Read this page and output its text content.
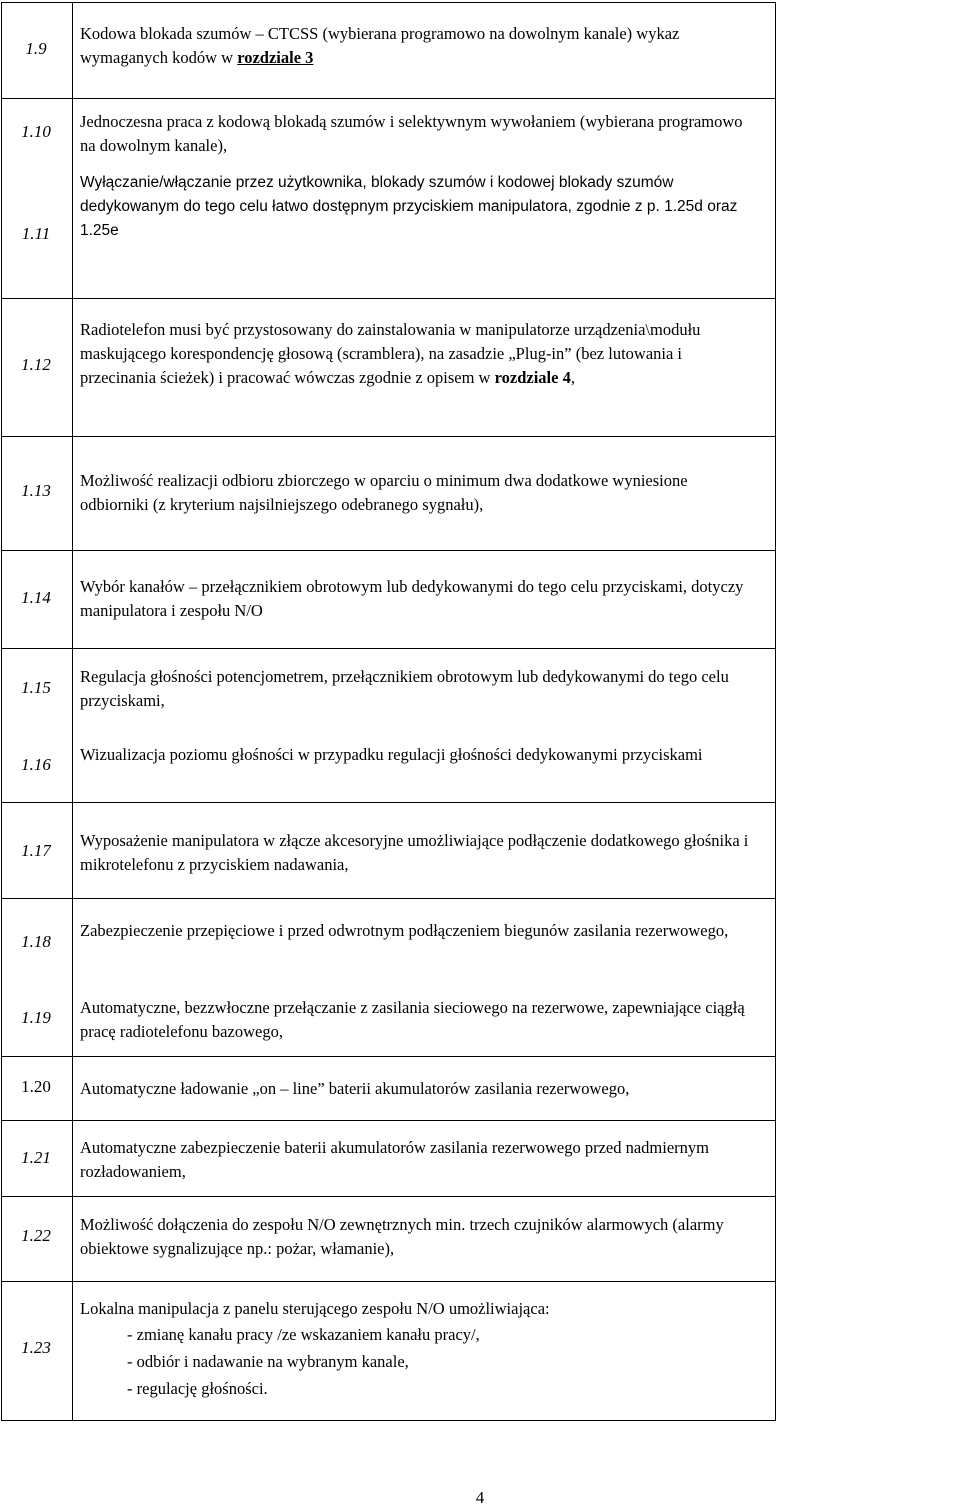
1.9
Kodowa blokada szumów – CTCSS (wybierana programowo na dowolnym kanale) wykaz wymaganych kodów w rozdziale 3
1.10
Jednoczesna praca z kodową blokadą szumów i selektywnym wywołaniem (wybierana programowo na dowolnym kanale),
1.11
Wyłączanie/włączanie przez użytkownika, blokady szumów i kodowej blokady szumów dedykowanym do tego celu łatwo dostępnym przyciskiem manipulatora, zgodnie z p. 1.25d oraz 1.25e
1.12
Radiotelefon musi być przystosowany do zainstalowania w manipulatorze urządzenia\modułu maskującego korespondencję głosową (scramblera), na zasadzie „Plug-in” (bez lutowania i przecinania ścieżek) i pracować wówczas zgodnie z opisem w rozdziale 4,
1.13
Możliwość realizacji odbioru zbiorczego w oparciu o minimum dwa dodatkowe wyniesione odbiorniki (z kryterium najsilniejszego odebranego sygnału),
1.14
Wybór kanałów – przełącznikiem obrotowym lub dedykowanymi do tego celu przyciskami, dotyczy manipulatora i zespołu N/O
1.15
Regulacja głośności potencjometrem, przełącznikiem obrotowym lub dedykowanymi do tego celu przyciskami,
1.16
Wizualizacja poziomu głośności w przypadku regulacji głośności dedykowanymi przyciskami
1.17
Wyposażenie manipulatora w złącze akcesoryjne umożliwiające podłączenie dodatkowego głośnika i mikrotelefonu z przyciskiem nadawania,
1.18
Zabezpieczenie przepięciowe i przed odwrotnym podłączeniem biegunów zasilania rezerwowego,
1.19
Automatyczne, bezzwłoczne przełączanie z zasilania sieciowego na rezerwowe, zapewniające ciągłą pracę radiotelefonu bazowego,
1.20	Automatyczne ładowanie „on – line” baterii akumulatorów zasilania rezerwowego,
1.21
Automatyczne zabezpieczenie baterii akumulatorów zasilania rezerwowego przed nadmiernym rozładowaniem,
1.22
Możliwość dołączenia do zespołu N/O zewnętrznych min. trzech czujników alarmowych (alarmy obiektowe sygnalizujące np.: pożar, włamanie),
1.23
Lokalna manipulacja z panelu sterującego zespołu N/O umożliwiająca:
- zmianę kanału pracy /ze wskazaniem kanału pracy/,
- odbiór i nadawanie na wybranym kanale,
- regulację głośności.
4
